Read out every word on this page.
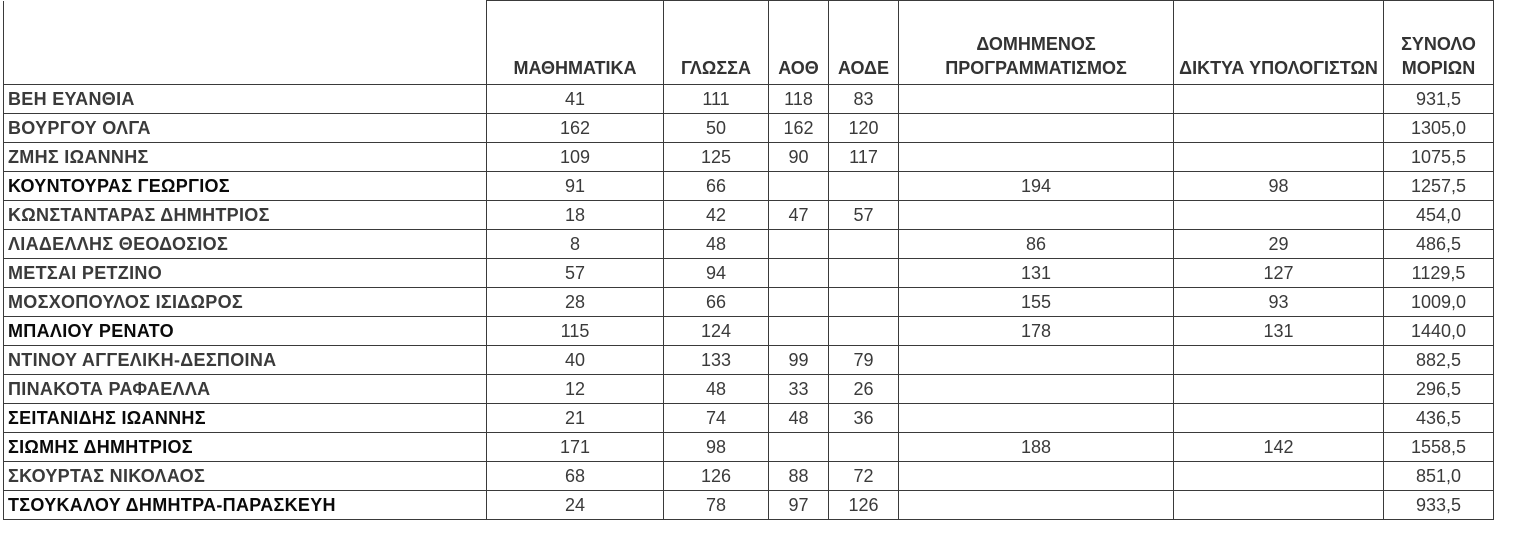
	ΜΑΘΗΜΑΤΙΚΑ	ΓΛΩΣΣΑ	ΑΟΘ	ΑΟΔΕ	ΔΟΜΗΜΕΝΟΣ ΠΡΟΓΡΑΜΜΑΤΙΣΜΟΣ	ΔΙΚΤΥΑ ΥΠΟΛΟΓΙΣΤΩΝ	ΣΥΝΟΛΟ ΜΟΡΙΩΝ
ΒΕΗ ΕΥΑΝΘΙΑ	41	111	118	83			931,5
ΒΟΥΡΓΟΥ ΟΛΓΑ	162	50	162	120			1305,0
ΖΜΗΣ ΙΩΑΝΝΗΣ	109	125	90	117			1075,5
ΚΟΥΝΤΟΥΡΑΣ ΓΕΩΡΓΙΟΣ	91	66			194	98	1257,5
ΚΩΝΣΤΑΝΤΑΡΑΣ ΔΗΜΗΤΡΙΟΣ	18	42	47	57			454,0
ΛΙΑΔΕΛΛΗΣ ΘΕΟΔΟΣΙΟΣ	8	48			86	29	486,5
ΜΕΤΣΑΙ ΡΕΤΖΙΝΟ	57	94			131	127	1129,5
ΜΟΣΧΟΠΟΥΛΟΣ ΙΣΙΔΩΡΟΣ	28	66			155	93	1009,0
ΜΠΑΛΙΟΥ ΡΕΝΑΤΟ	115	124			178	131	1440,0
ΝΤΙΝΟΥ ΑΓΓΕΛΙΚΗ-ΔΕΣΠΟΙΝΑ	40	133	99	79			882,5
ΠΙΝΑΚΟΤΑ ΡΑΦΑΕΛΛΑ	12	48	33	26			296,5
ΣΕΙΤΑΝΙΔΗΣ ΙΩΑΝΝΗΣ	21	74	48	36			436,5
ΣΙΩΜΗΣ ΔΗΜΗΤΡΙΟΣ	171	98			188	142	1558,5
ΣΚΟΥΡΤΑΣ ΝΙΚΟΛΑΟΣ	68	126	88	72			851,0
ΤΣΟΥΚΑΛΟΥ ΔΗΜΗΤΡΑ-ΠΑΡΑΣΚΕΥΗ	24	78	97	126			933,5
